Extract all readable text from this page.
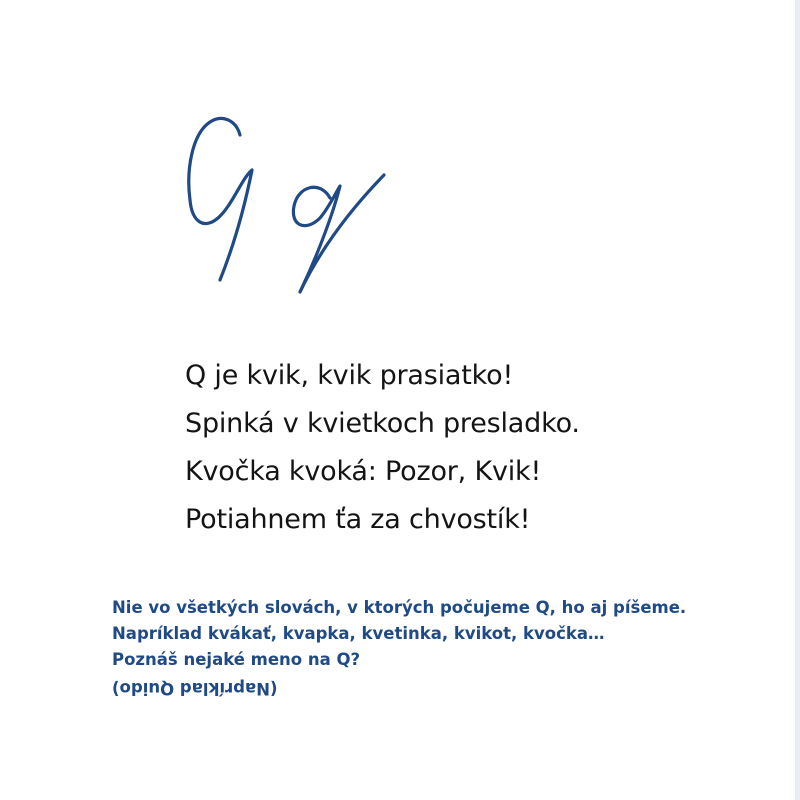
Q je kvik, kvik prasiatko!
Spinká v kvietkoch presladko.
Kvočka kvoká: Pozor, Kvik!
Potiahnem ťa za chvostík!
Nie vo všetkých slovách, v ktorých počujeme Q, ho aj píšeme.
Napríklad kvákať, kvapka, kvetinka, kvikot, kvočka…
Poznáš nejaké meno na Q?
(Napríklad Quido)
